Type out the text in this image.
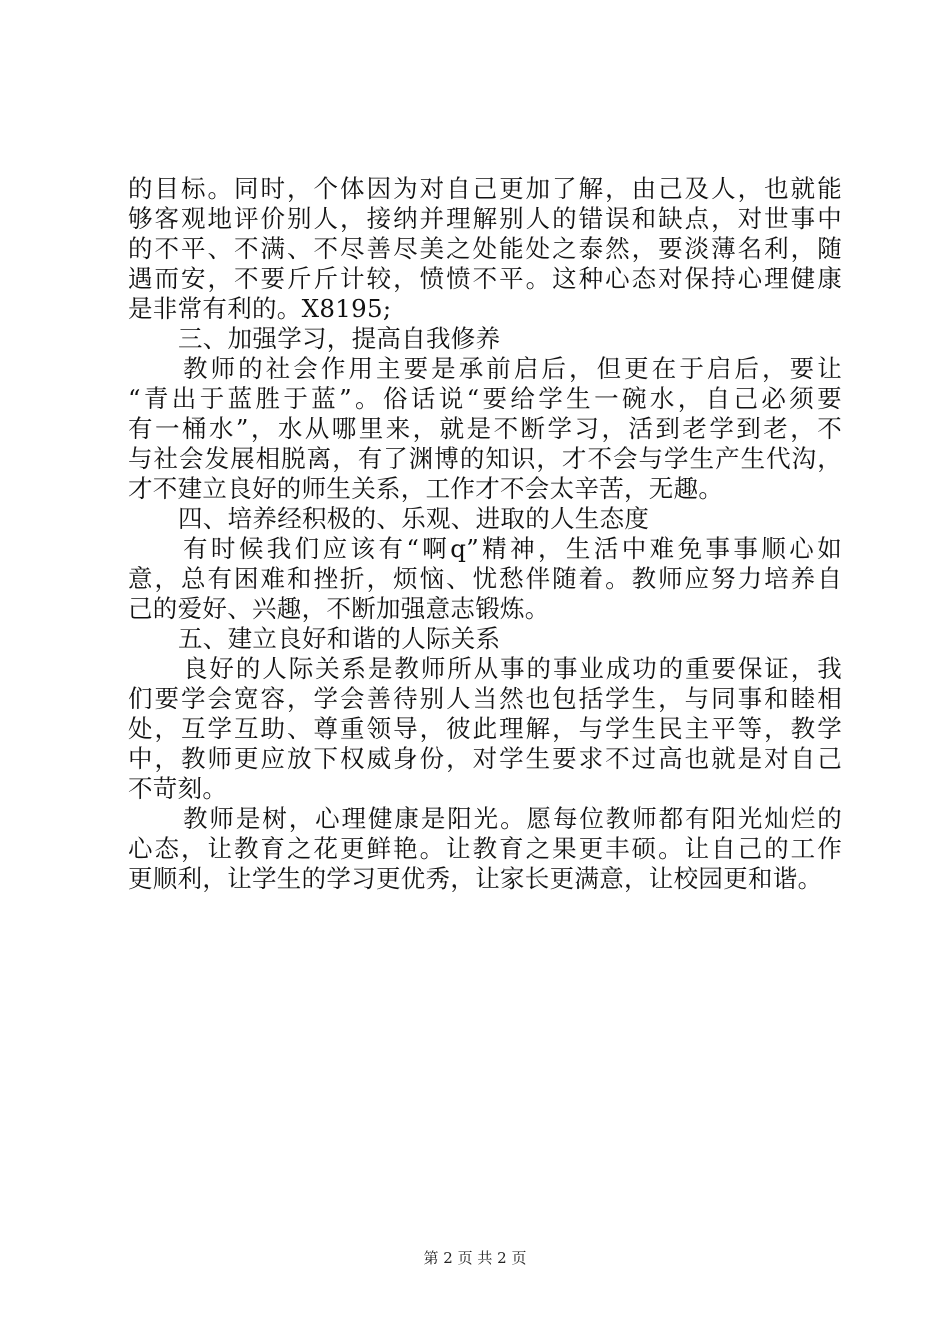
的目标。同时，个体因为对自己更加了解，由己及人，也就能
够客观地评价别人，接纳并理解别人的错误和缺点，对世事中
的不平、不满、不尽善尽美之处能处之泰然，要淡薄名利，随
遇而安，不要斤斤计较，愤愤不平。这种心态对保持心理健康
是非常有利的。X8195;
三、加强学习，提高自我修养
教师的社会作用主要是承前启后，但更在于启后，要让
“青出于蓝胜于蓝”。俗话说“要给学生一碗水，自己必须要
有一桶水”，水从哪里来，就是不断学习，活到老学到老，不
与社会发展相脱离，有了渊博的知识，才不会与学生产生代沟，
才不建立良好的师生关系，工作才不会太辛苦，无趣。
四、培养经积极的、乐观、进取的人生态度
有时候我们应该有“啊q”精神，生活中难免事事顺心如
意，总有困难和挫折，烦恼、忧愁伴随着。教师应努力培养自
己的爱好、兴趣，不断加强意志锻炼。
五、建立良好和谐的人际关系
良好的人际关系是教师所从事的事业成功的重要保证，我
们要学会宽容，学会善待别人当然也包括学生，与同事和睦相
处，互学互助、尊重领导，彼此理解，与学生民主平等，教学
中，教师更应放下权威身份，对学生要求不过高也就是对自己
不苛刻。
教师是树，心理健康是阳光。愿每位教师都有阳光灿烂的
心态，让教育之花更鲜艳。让教育之果更丰硕。让自己的工作
更顺利，让学生的学习更优秀，让家长更满意，让校园更和谐。
第 2 页 共 2 页
